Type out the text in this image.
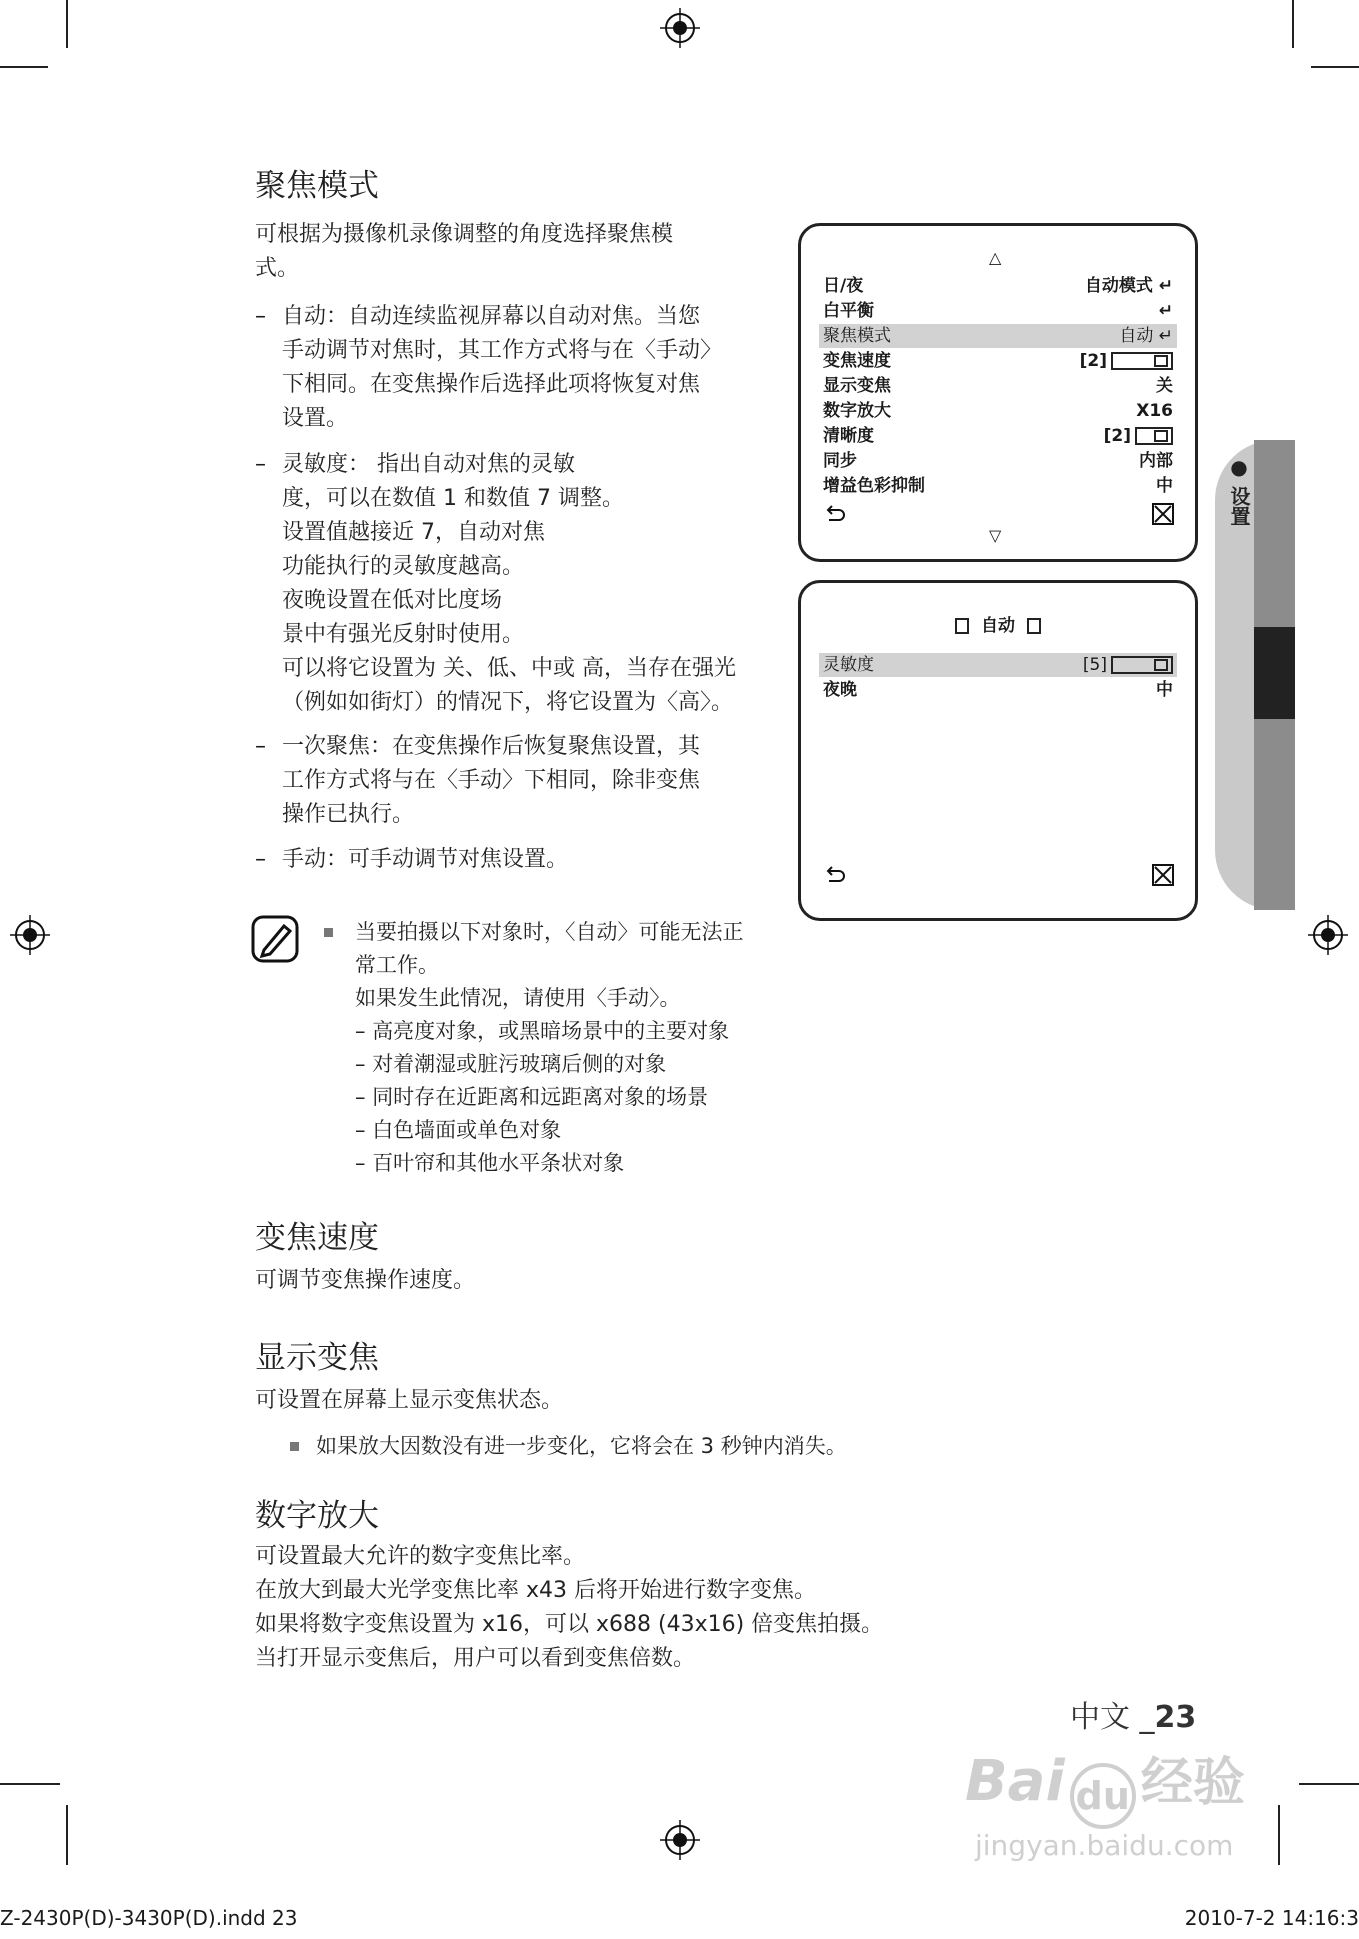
聚焦模式
可根据为摄像机录像调整的角度选择聚焦模
式。
– 自动：自动连续监视屏幕以自动对焦。当您
手动调节对焦时，其工作方式将与在〈手动〉
下相同。在变焦操作后选择此项将恢复对焦
设置。
– 灵敏度： 指出自动对焦的灵敏
度，可以在数值 1 和数值 7 调整。
设置值越接近 7，自动对焦
功能执行的灵敏度越高。
夜晚设置在低对比度场
景中有强光反射时使用。
可以将它设置为 关、低、中或 高，当存在强光
（例如如街灯）的情况下，将它设置为〈高〉。
– 一次聚焦：在变焦操作后恢复聚焦设置，其
工作方式将与在〈手动〉下相同，除非变焦
操作已执行。
– 手动：可手动调节对焦设置。
当要拍摄以下对象时，〈自动〉可能无法正
常工作。
如果发生此情况，请使用〈手动〉。
– 高亮度对象，或黑暗场景中的主要对象
– 对着潮湿或脏污玻璃后侧的对象
– 同时存在近距离和远距离对象的场景
– 白色墙面或单色对象
– 百叶帘和其他水平条状对象
变焦速度
可调节变焦操作速度。
显示变焦
可设置在屏幕上显示变焦状态。
如果放大因数没有进一步变化，它将会在 3 秒钟内消失。
数字放大
可设置最大允许的数字变焦比率。
在放大到最大光学变焦比率 x43 后将开始进行数字变焦。
如果将数字变焦设置为 x16，可以 x688 (43x16) 倍变焦拍摄。
当打开显示变焦后，用户可以看到变焦倍数。
△
日/夜	自动模式 ↵
白平衡	↵
聚焦模式	自动 ↵
变焦速度	[2]
显示变焦	关
数字放大	X16
清晰度	[2]
同步	内部
增益色彩抑制	中
▽
自动
灵敏度	[5]
夜晚	中
● 设置
中文 _23
Bai du 经验
jingyan.baidu.com
Z-2430P(D)-3430P(D).indd 23	2010-7-2 14:16:3
